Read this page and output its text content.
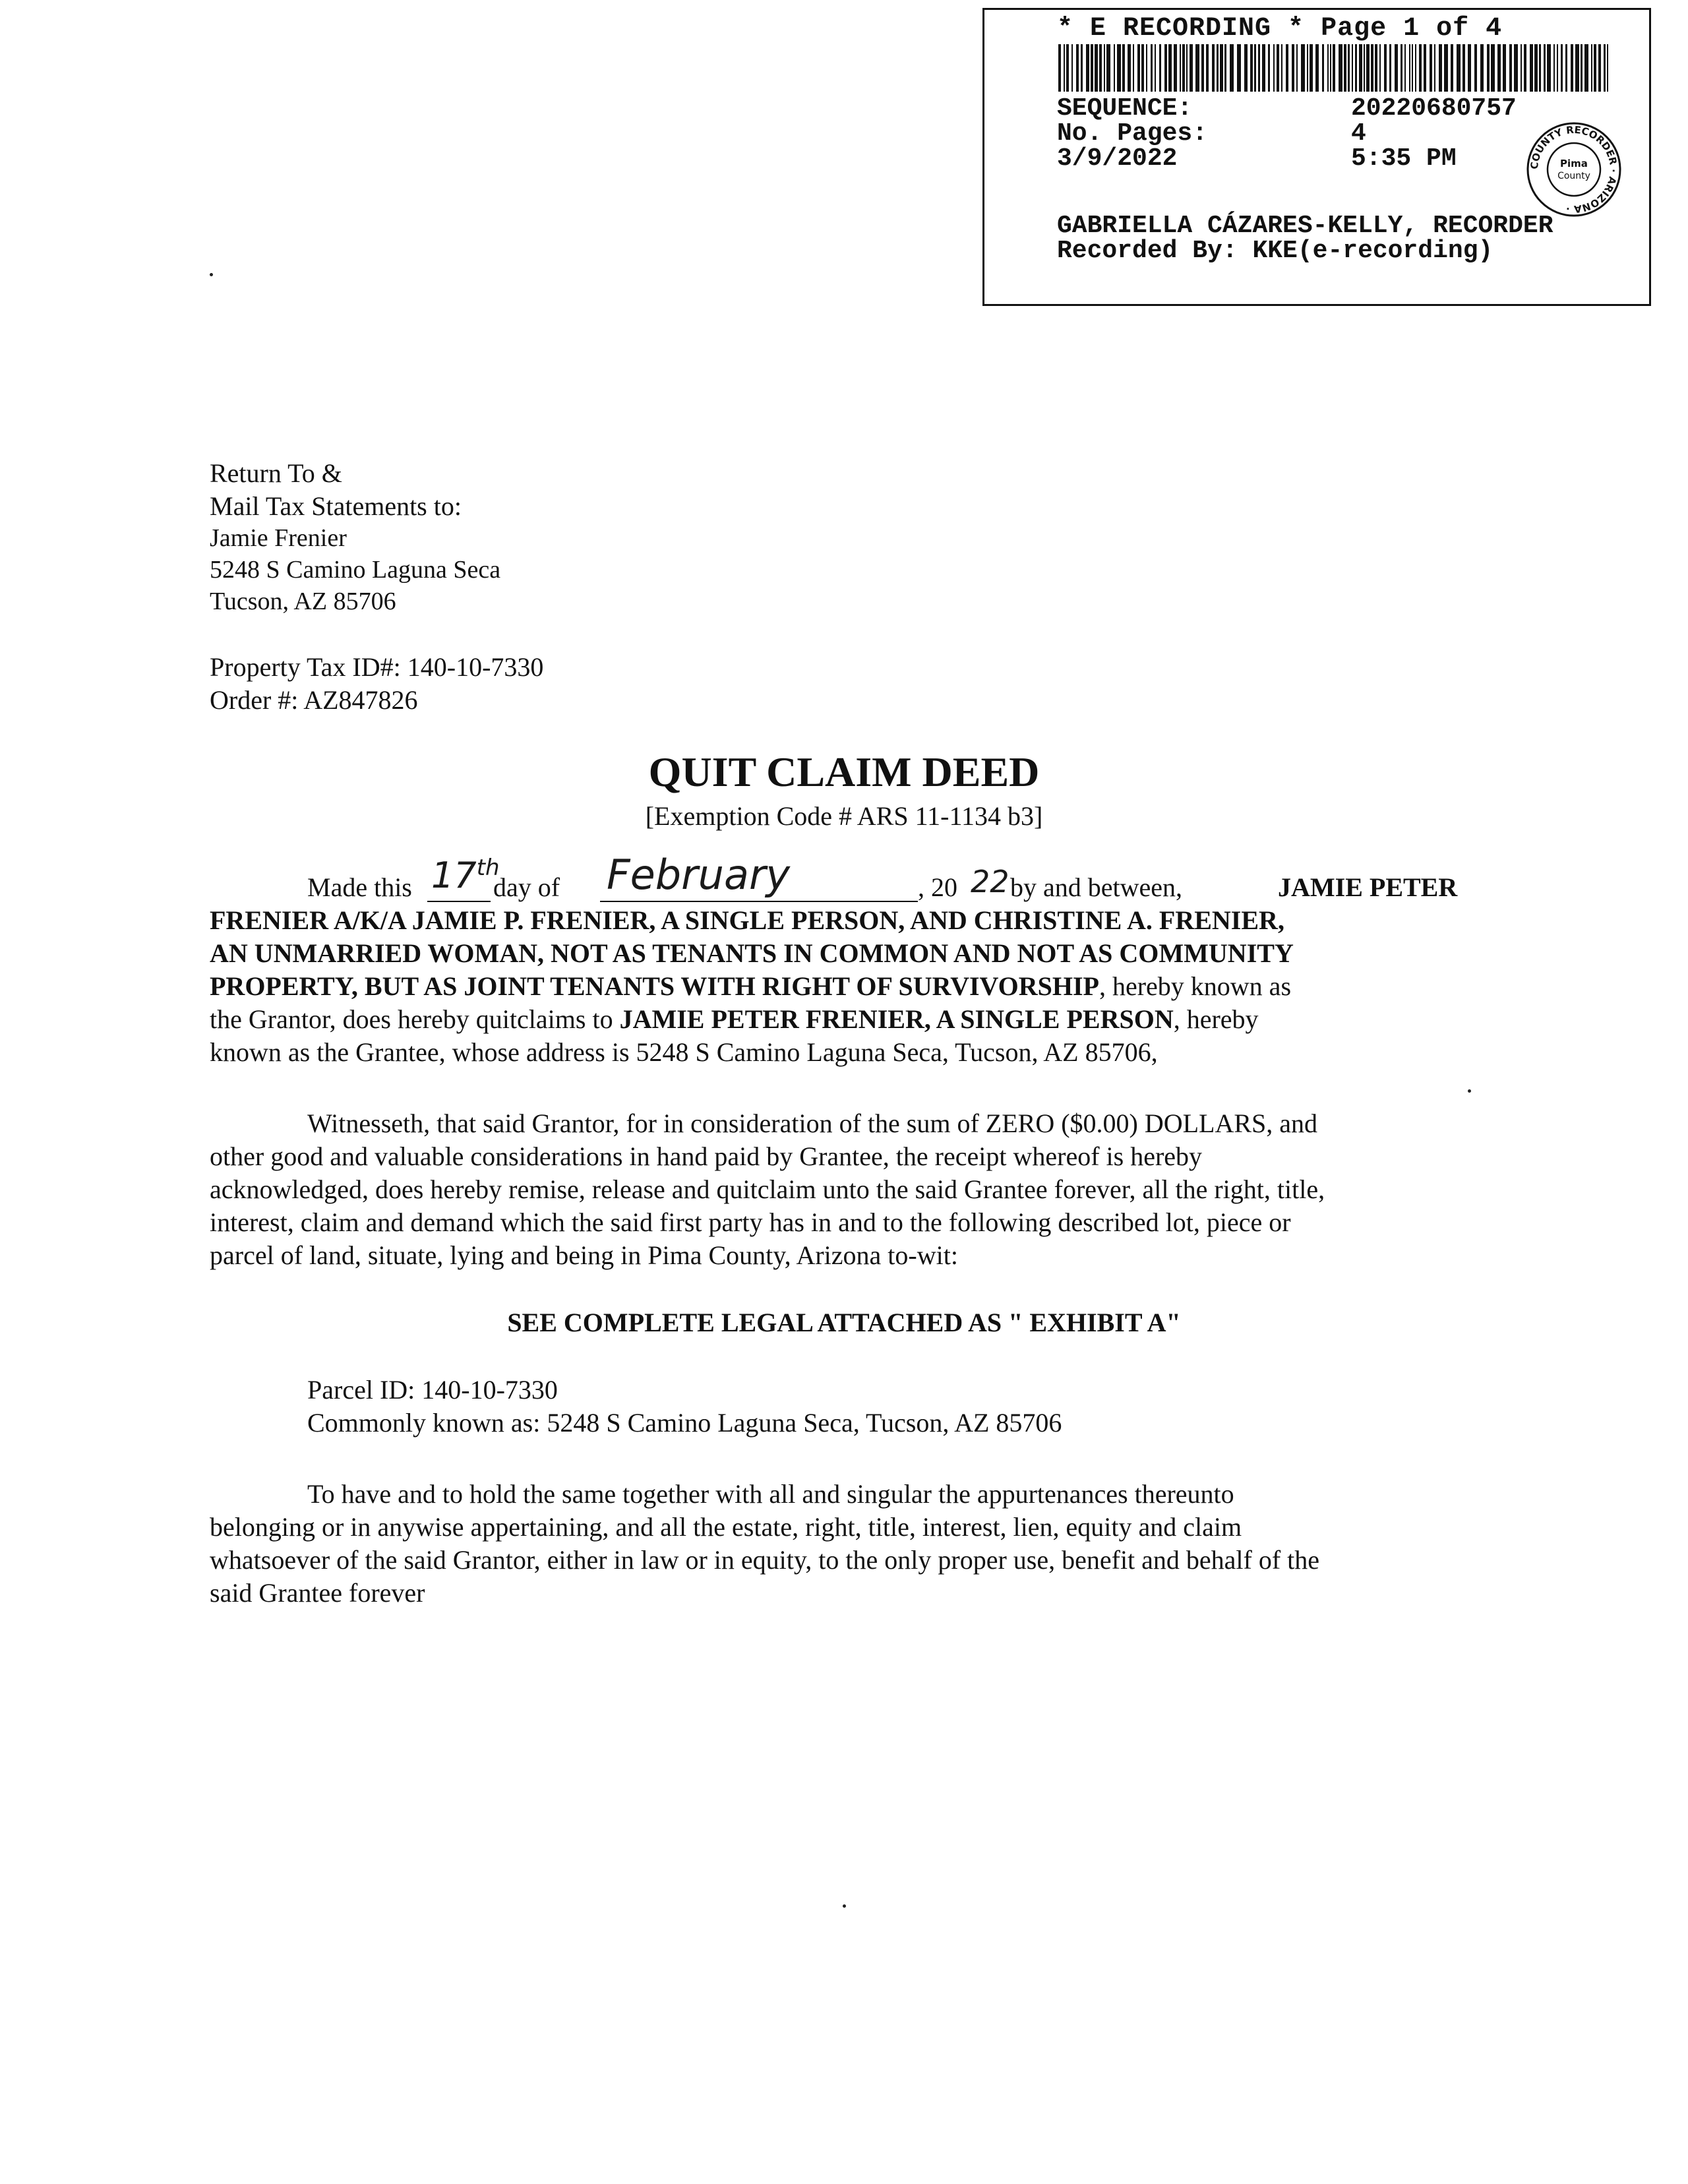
* E RECORDING * Page 1 of 4
SEQUENCE:	20220680757
No. Pages:	4
3/9/2022	5:35 PM	COUNTY RECORDER · ARIZONA ·
Pima
County
GABRIELLA CÁZARES-KELLY, RECORDER
Recorded By: KKE(e-recording)
Return To &
Mail Tax Statements to:
Jamie Frenier
5248 S Camino Laguna Seca
Tucson, AZ 85706
Property Tax ID#: 140-10-7330
Order #: AZ847826
QUIT CLAIM DEED
[Exemption Code # ARS 11-1134 b3]
Made this 17th
day of February	, 20 22 by and between,	JAMIE PETER
FRENIER A/K/A JAMIE P. FRENIER, A SINGLE PERSON, AND CHRISTINE A. FRENIER,
AN UNMARRIED WOMAN, NOT AS TENANTS IN COMMON AND NOT AS COMMUNITY
PROPERTY, BUT AS JOINT TENANTS WITH RIGHT OF SURVIVORSHIP, hereby known as
the Grantor, does hereby quitclaims to JAMIE PETER FRENIER, A SINGLE PERSON, hereby
known as the Grantee, whose address is 5248 S Camino Laguna Seca, Tucson, AZ 85706,
Witnesseth, that said Grantor, for in consideration of the sum of ZERO ($0.00) DOLLARS, and
other good and valuable considerations in hand paid by Grantee, the receipt whereof is hereby
acknowledged, does hereby remise, release and quitclaim unto the said Grantee forever, all the right, title,
interest, claim and demand which the said first party has in and to the following described lot, piece or
parcel of land, situate, lying and being in Pima County, Arizona to-wit:
SEE COMPLETE LEGAL ATTACHED AS " EXHIBIT A"
Parcel ID: 140-10-7330
Commonly known as: 5248 S Camino Laguna Seca, Tucson, AZ 85706
To have and to hold the same together with all and singular the appurtenances thereunto
belonging or in anywise appertaining, and all the estate, right, title, interest, lien, equity and claim
whatsoever of the said Grantor, either in law or in equity, to the only proper use, benefit and behalf of the
said Grantee forever
